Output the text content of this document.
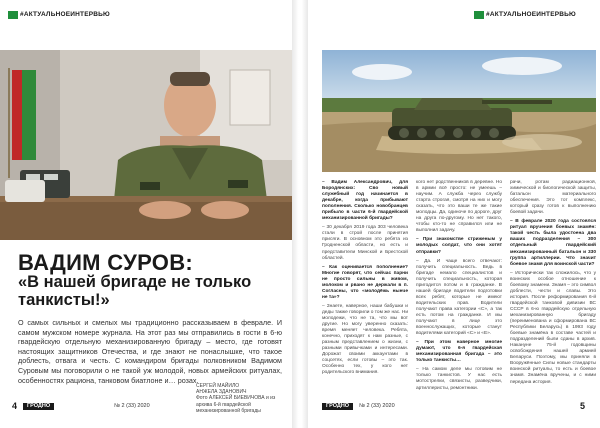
#АКТУАЛЬНОЕИНТЕРВЬЮ
ВАДИМ СУРОВ:
«В нашей бригаде не только танкисты!»
О самых сильных и смелых мы традиционно рассказываем в феврале. И самом мужском номере журнала. На этот раз мы отправились в гости в 6-ю гвардейскую отдельную механизированную бригаду – место, где готовят настоящих защитников Отечества, и где знают не понаслышке, что такое доблесть, отвага и честь. С командиром бригады полковником Вадимом Суровым мы поговорили о не такой уж молодой, новых армейских ритуалах, особенностях рациона, танковом биатлоне и… розах.
СЕРГЕЙ МАЙИЛО
АНЖЕЛА ЗДАНОВИЧ
Фото АЛЕКСЕЙ БИЕВИЧОВА и из архива 6-й гвардейской механизированной бригады
4	ГРОДНО	№ 2 (33) 2020
#АКТУАЛЬНОЕИНТЕРВЬЮ

– Вадим Александрович, для Бородянских: Сво новый служебный год начинается в декабре, когда прибывают пополнения. Сколько новобранцев прибыло в части 6-й гвардейской механизированной бригады?

– 30 декабря 2019 года 303 человека стали в строй после принятия присяги. В основном это ребята из Гродненской области, но есть и представители Минской и Брестской областей.

– Как оценивается пополнение? Многие говорят, что сейчас парни не просто сильны в живом, молоком и рвано не держали в п. Согласны, что «молодёжь нынче не та»?

– Знаете, наверное, наши бабушки и деды также говорили о том же нас. Ни молодежи, что не та, что мы вот другие. Но могу уверенно сказать: время меняет человека. Ребята, конечно, приходят к нам разные, с разным представлением о жизни, с разными привычками и интересами. Дорожат своими аккаунтами в соцсетях, если готовы – это так. Особенно тех, у кого нет родительского внимания.

кого нет родственников в деревне. Но в армии всё просто: не умеешь – научим. А служба через службу старта строгая, смотря на них и могу сказать, что это ваши те же такие молодцы. Да, одиноче по дороге, друг на друга по-другому. Но нет такого, чтобы кто-то не справился или не выполнил задачу.

– При знакомстве стриженым у молодых солдат, что они хотят отправки?

– Да. И чаще всего отвечают: получить специальность. Ведь в бригаде немало специалистов и получить специальность, которая пригодится потом и в гражданке. В нашей бригаде водители подготовки всех ребят, которые не имеют водительских прав. Водители получают права категории «С», а так есть потом на гражданке. И мы получают в лице это военнослужащих, которые станут водителями категорий «С» и «Е».

– При этом наверное многие думают, что 6-я гвардейская механизированная бригада – это только танкисты…

– На самом деле мы готовим не только танкистов. У нас есть мотострелки, связисты, разведчики, артиллеристы, ремонтники.

рачи, ротам радиационной, химической и биологической защиты, батальон материального обеспечения. Это тот комплекс, который сразу готов к выполнению боевой задачи.

– В феврале 2020 года состоялся ритуал вручения боевых знамён: такой честь была удостоена два ваших подразделения – 300 отдельный гвардейский механизированный батальон и 330 группа артиллерии. Что значит боевое знамя для воинской части?

– Исторически так сложилось, что у воинских особое отношение к боевому знамени. Знамя – это символ доблести, чести и славы. Это история. После реформирования 6-й гвардейской танковой дивизии ВС СССР в 6-ю гвардейскую отдельную механизированную бригаду (переименована и сформирована ВС Республики Беларусь) в 1993 году боевые знамёна в составе частей и подразделений были сданы в архив. Накануне 75-й годовщины освобождения нашей армией Беларуси. Поэтому, мы приняли в Вооружённые Силы новые стандарты воинской ритуалы, то есть и боевое знамя. Знамёна вручены, и с ними передана история.

ГРОДНО	№ 2 (33) 2020	5
